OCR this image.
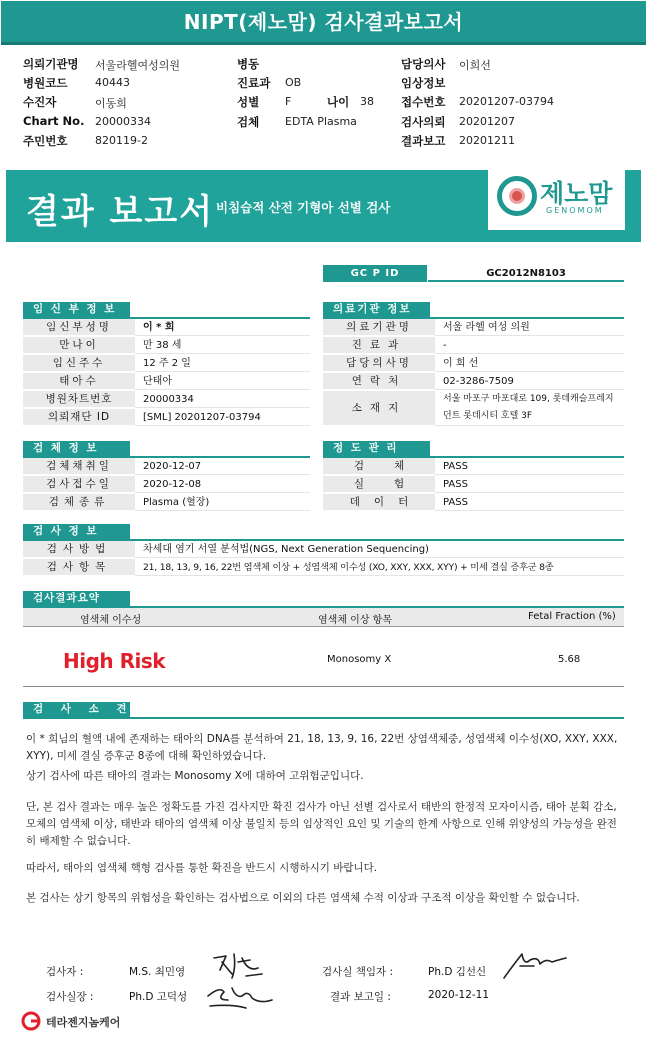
NIPT(제노맘) 검사결과보고서
의뢰기관명 서울라헬여성의원
병원코드	40443
수진자	이동희
Chart No. 20000334
주민번호	820119-2
병동
진료과 OB
성별 F	나이 38
검체 EDTA Plasma
담당의사 이희선
임상정보
접수번호 20201207-03794
검사의뢰 20201207
결과보고 20201211
결과 보고서 비침습적 산전 기형아 선별 검사	제노맘
GENOMOM
GC P ID	GC2012N8103
임 신 부 정 보
임신부성명	이 * 희
만나이	만 38 세
임신주수	12 주 2 일
태아수	단태아
병원차트번호	20000334
의뢰재단 ID	[SML] 20201207-03794
의료기관 정보
의료기관명	서울 라헬 여성 의원
진료과	-
담당의사명	이 희 선
연락처	02-3286-7509
소재지
서울 마포구 마포대로 109, 롯데캐슬프레지
던트 롯데시티 호텔 3F
검 체 정 보
검체채취일	2020-12-07
검사접수일	2020-12-08
검체종류	Plasma (혈장)
정 도 관 리
검체 PASS
실험 PASS
데이터	PASS
검 사 정 보
검사방법	차세대 염기 서열 분석법(NGS, Next Generation Sequencing)
검사항목	21, 18, 13, 9, 16, 22번 염색체 이상 + 성염색체 이수성 (XO, XXY, XXX, XYY) + 미세 결실 증후군 8종
검사결과요약
염색체 이수성	염색체 이상 항목	Fetal Fraction (%)
High Risk	Monosomy X	5.68
검 사 소 견

이 * 희님의 혈액 내에 존재하는 태아의 DNA를 분석하여 21, 18, 13, 9, 16, 22번 상염색체중, 성염색체 이수성(XO, XXY, XXX, XYY), 미세 결실 증후군 8종에 대해 확인하였습니다.

상기 검사에 따른 태아의 결과는 Monosomy X에 대하여 고위험군입니다.

단, 본 검사 결과는 매우 높은 정확도를 가진 검사지만 확진 검사가 아닌 선별 검사로서 태반의 한정적 모자이시즘, 태아 분획 감소, 모체의 염색체 이상, 태반과 태아의 염색체 이상 불일치 등의 임상적인 요인 및 기술의 한계 사항으로 인해 위양성의 가능성을 완전히 배제할 수 없습니다.

따라서, 태아의 염색체 핵형 검사를 통한 확진을 반드시 시행하시기 바랍니다.

본 검사는 상기 항목의 위험성을 확인하는 검사법으로 이외의 다른 염색체 수적 이상과 구조적 이상을 확인할 수 없습니다.

검사자 :	M.S. 최민영	검사실 책임자 :	Ph.D 김선신
검사실장 :	Ph.D 고덕성	결과 보고일 :	2020-12-11
테라젠지놈케어
